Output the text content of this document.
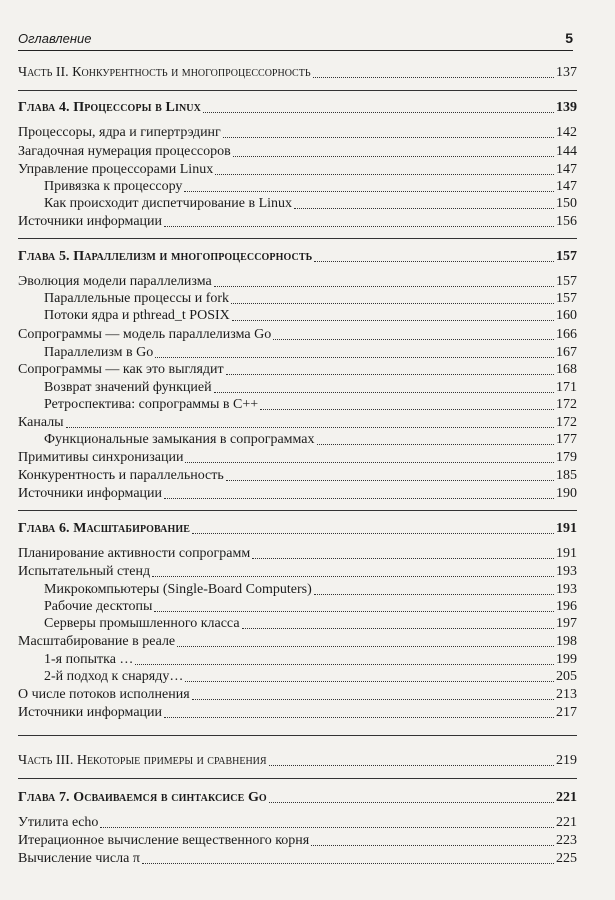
Оглавление	5
Часть II. Конкурентность и многопроцессорность	137
Глава 4. Процессоры в Linux	139
Процессоры, ядра и гипертрэдинг	142
Загадочная нумерация процессоров	144
Управление процессорами Linux	147
Привязка к процессору	147
Как происходит диспетчирование в Linux	150
Источники информации	156
Глава 5. Параллелизм и многопроцессорность	157
Эволюция модели параллелизма	157
Параллельные процессы и fork	157
Потоки ядра и pthread_t POSIX	160
Сопрограммы — модель параллелизма Go	166
Параллелизм в Go	167
Сопрограммы — как это выглядит	168
Возврат значений функцией	171
Ретроспектива: сопрограммы в C++	172
Каналы	172
Функциональные замыкания в сопрограммах	177
Примитивы синхронизации	179
Конкурентность и параллельность	185
Источники информации	190
Глава 6. Масштабирование	191
Планирование активности сопрограмм	191
Испытательный стенд	193
Микрокомпьютеры (Single-Board Computers)	193
Рабочие десктопы	196
Серверы промышленного класса	197
Масштабирование в реале	198
1-я попытка …	199
2-й подход к снаряду…	205
О числе потоков исполнения	213
Источники информации	217
Часть III. Некоторые примеры и сравнения	219
Глава 7. Осваиваемся в синтаксисе Go	221
Утилита echo	221
Итерационное вычисление вещественного корня	223
Вычисление числа π	225
